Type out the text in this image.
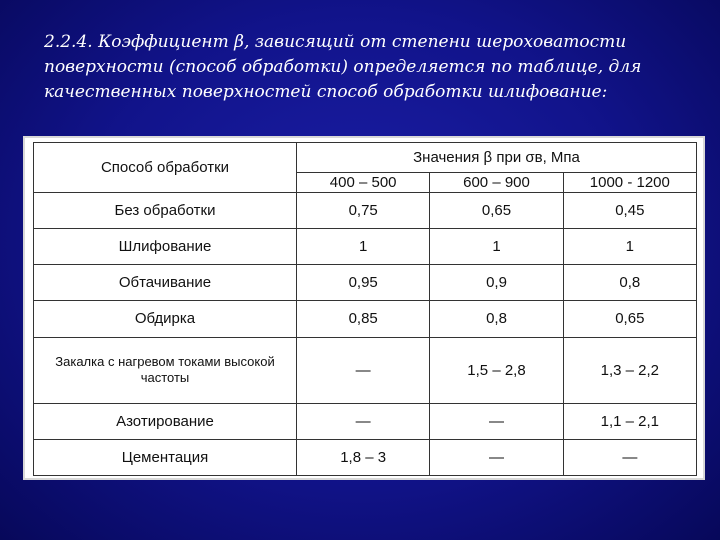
2.2.4. Коэффициент β, зависящий от степени шероховатости поверхности (способ обработки) определяется по таблице, для качественных поверхностей способ обработки шлифование:
Способ обработки	Значения β при σв, Мпа		
	400 – 500	600 – 900	1000 - 1200
Без обработки	0,75	0,65	0,45
Шлифование	1	1	1
Обтачивание	0,95	0,9	0,8
Обдирка	0,85	0,8	0,65
Закалка с нагревом токами высокой частоты	—	1,5 – 2,8	1,3 – 2,2
Азотирование	—	—	1,1 – 2,1
Цементация	1,8 – 3	—	—
